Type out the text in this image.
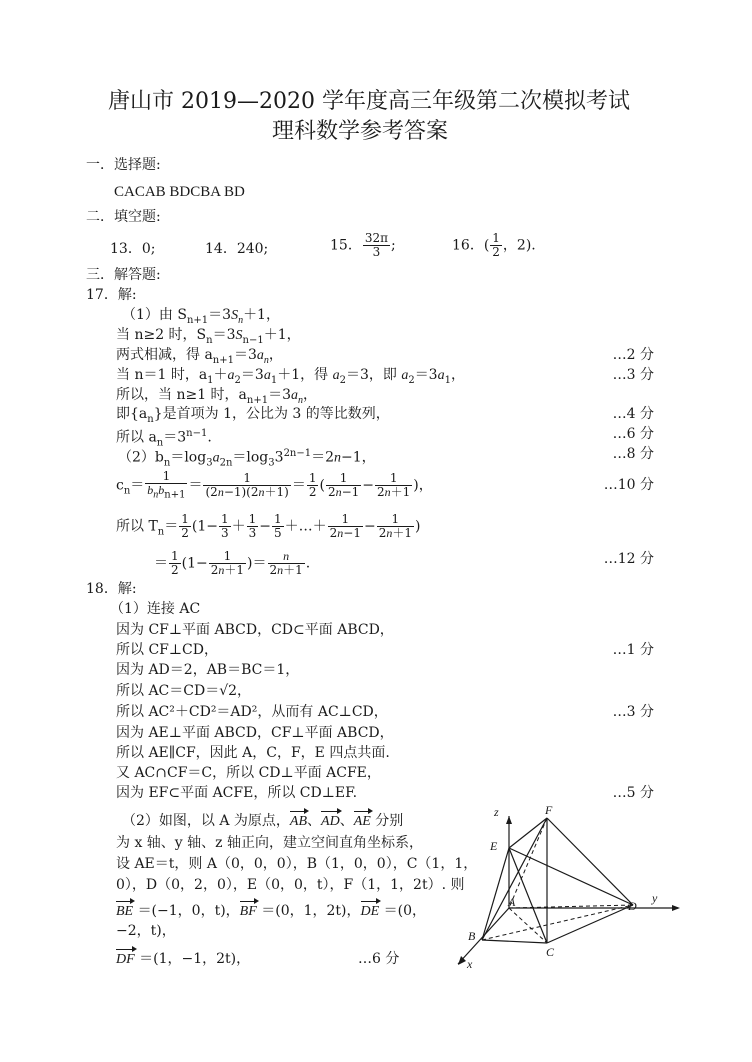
唐山市 2019—2020 学年度高三年级第二次模拟考试
理科数学参考答案
一．选择题:
CACAB BDCBA BD
二．填空题:
13．0;	14．240;	15． $\frac{32\pi}{3}$ ;	16．( $\frac{1}{2}$ ，2).
三．解答题:
17．解:
（1）由 $S_{n+1}=3S_n+1$，
当 n≥2 时，$S_n=3S_{n-1}+1$，
两式相减，得 $a_{n+1}=3a_n$，	…2 分
当 n＝1 时，$a_1+a_2=3a_1+1$，得 $a_2=3$，即 $a_2=3a_1$，	…3 分
所以，当 n≥1 时，$a_{n+1}=3a_n$，
即$\{a_n\}$是首项为 1，公比为 3 的等比数列，	…4 分
所以 $a_n=3^{n-1}$.	…6 分
$(2)b_n=\log_3a_{2n}=\log_33^{2n-1}=2n-1$，	…8 分
$c_n= \frac{1}{b_nb_{n+1}} = \frac{1}{(2n-1)(2n+1)} = \frac{1}{2}$ ( $\frac{1}{2n-1} - \frac{1}{2n+1}$ )，	…10 分
所以 $T_n= \frac{1}{2} (1- \frac{1}{3} + \frac{1}{3} - \frac{1}{5}$ ＋…＋ $\frac{1}{2n-1} - \frac{1}{2n+1}$ )
＝ $\frac{1}{2} (1- \frac{1}{2n+1}$ )＝ $\frac{n}{2n+1}$ .	…12 分
18．解:
（1）连接 AC
因为 CF⊥平面 ABCD，CD⊂平面 ABCD，
所以 CF⊥CD，	…1 分
因为 AD＝2，AB＝BC＝1，
所以 AC＝CD＝√2，
所以 AC²＋CD²＝AD²，从而有 AC⊥CD，	…3 分
因为 AE⊥平面 ABCD，CF⊥平面 ABCD，
所以 AE∥CF，因此 A，C，F，E 四点共面.
又 AC∩CF＝C，所以 CD⊥平面 ACFE，
因为 EF⊂平面 ACFE，所以 CD⊥EF.	…5 分
（2）如图，以 A 为原点，AB、AD、AE 分别
为 x 轴、y 轴、z 轴正向，建立空间直角坐标系，
设 AE＝t，则 A（0，0，0），B（1，0，0），C（1，1，
0），D（0，2，0），E（0，0，t），F（1，1，2t）. 则
BE ＝(−1，0，t)，BF ＝(0，1，2t)，DE ＝(0，
−2，t)，
DF ＝(1，−1，2t)，	…6 分
z	F
E
A	D
y
B
C
x
